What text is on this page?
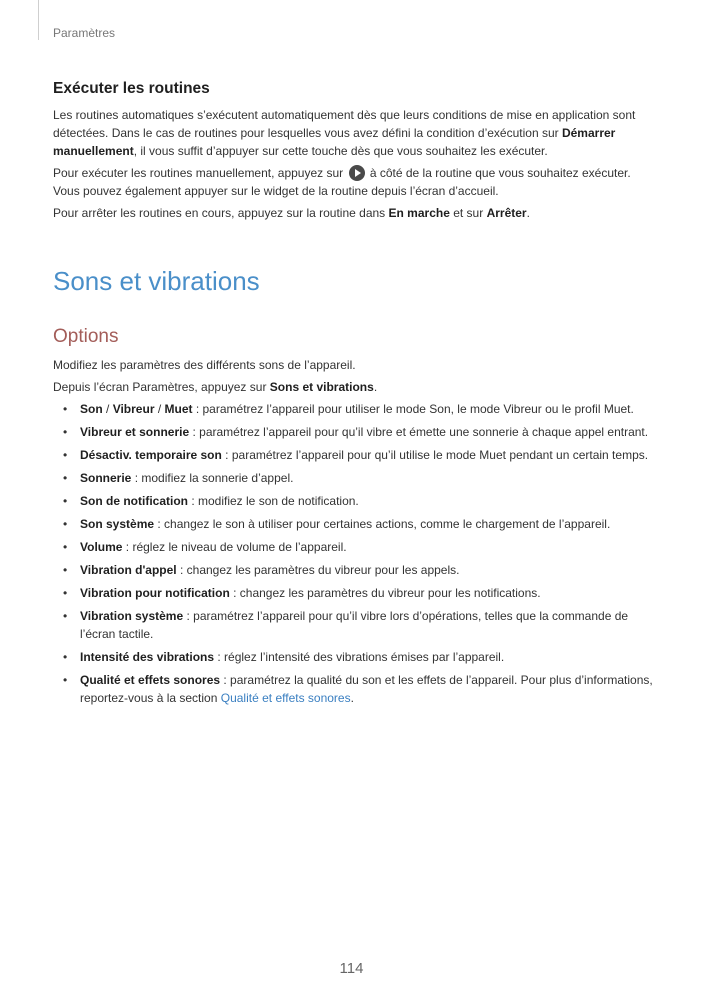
Paramètres
Exécuter les routines

Les routines automatiques s’exécutent automatiquement dès que leurs conditions de mise en application sont détectées. Dans le cas de routines pour lesquelles vous avez défini la condition d’exécution sur Démarrer manuellement, il vous suffit d’appuyer sur cette touche dès que vous souhaitez les exécuter.

Pour exécuter les routines manuellement, appuyez sur  à côté de la routine que vous souhaitez exécuter. Vous pouvez également appuyer sur le widget de la routine depuis l’écran d’accueil.

Pour arrêter les routines en cours, appuyez sur la routine dans En marche et sur Arrêter.

Sons et vibrations
Options

Modifiez les paramètres des différents sons de l’appareil.

Depuis l’écran Paramètres, appuyez sur Sons et vibrations.

• Son / Vibreur / Muet : paramétrez l’appareil pour utiliser le mode Son, le mode Vibreur ou le profil Muet.
• Vibreur et sonnerie : paramétrez l’appareil pour qu’il vibre et émette une sonnerie à chaque appel entrant.
• Désactiv. temporaire son : paramétrez l’appareil pour qu’il utilise le mode Muet pendant un certain temps.
• Sonnerie : modifiez la sonnerie d’appel.
• Son de notification : modifiez le son de notification.
• Son système : changez le son à utiliser pour certaines actions, comme le chargement de l’appareil.
• Volume : réglez le niveau de volume de l’appareil.
• Vibration d'appel : changez les paramètres du vibreur pour les appels.
• Vibration pour notification : changez les paramètres du vibreur pour les notifications.
• Vibration système : paramétrez l’appareil pour qu’il vibre lors d’opérations, telles que la commande de l’écran tactile.
• Intensité des vibrations : réglez l’intensité des vibrations émises par l’appareil.
• Qualité et effets sonores : paramétrez la qualité du son et les effets de l’appareil. Pour plus d’informations, reportez-vous à la section Qualité et effets sonores.
114
